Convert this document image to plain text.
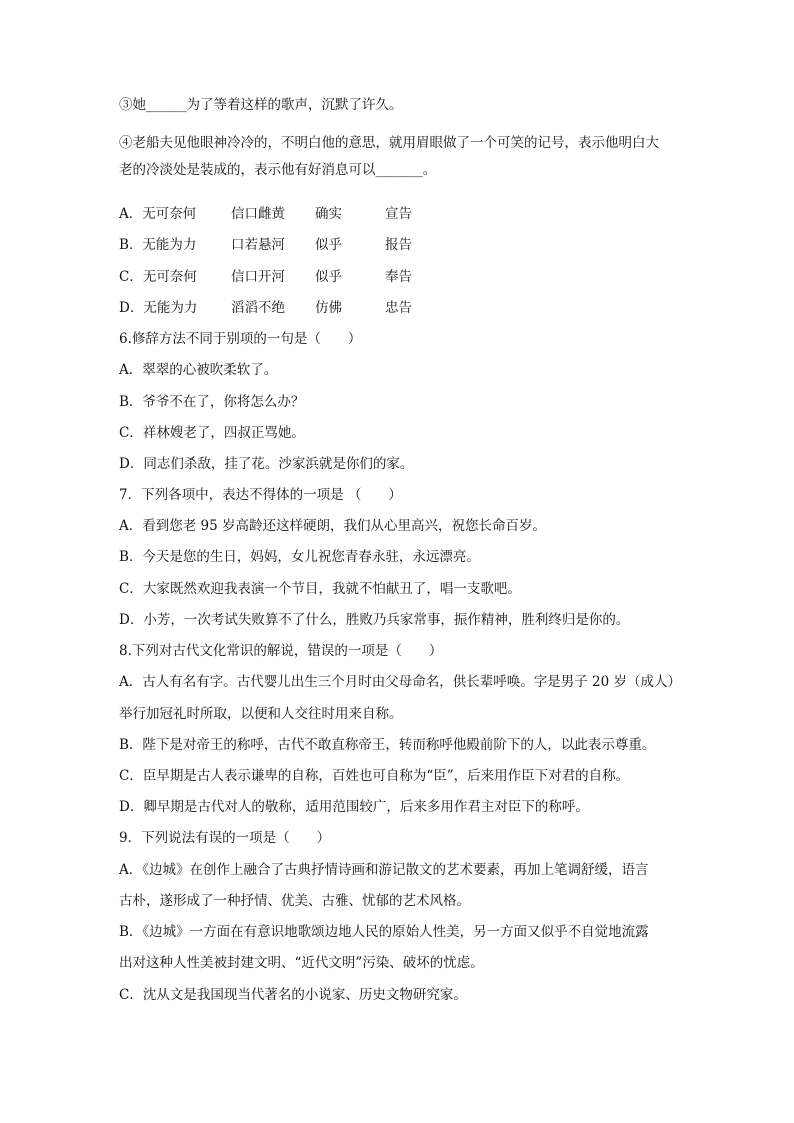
③她______为了等着这样的歌声，沉默了许久。
④老船夫见他眼神冷冷的，不明白他的意思，就用眉眼做了一个可笑的记号，表示他明白大
老的冷淡处是装成的，表示他有好消息可以_______。
A．无可奈何	信口雌黄 确实	宣告
B．无能为力	口若悬河 似乎	报告
C．无可奈何	信口开河 似乎	奉告
D．无能为力 滔滔不绝 仿佛	忠告
6.修辞方法不同于别项的一句是（　　）
A．翠翠的心被吹柔软了。
B．爷爷不在了，你将怎么办？
C．祥林嫂老了，四叔正骂她。
D．同志们杀敌，挂了花。沙家浜就是你们的家。
7．下列各项中，表达不得体的一项是 （　　）
A．看到您老 95 岁高龄还这样硬朗，我们从心里高兴，祝您长命百岁。
B．今天是您的生日，妈妈，女儿祝您青春永驻，永远漂亮。
C．大家既然欢迎我表演一个节目，我就不怕献丑了，唱一支歌吧。
D．小芳，一次考试失败算不了什么，胜败乃兵家常事，振作精神，胜利终归是你的。
8.下列对古代文化常识的解说，错误的一项是（　　）
A．古人有名有字。古代婴儿出生三个月时由父母命名，供长辈呼唤。字是男子 20 岁（成人）
举行加冠礼时所取，以便和人交往时用来自称。
B．陛下是对帝王的称呼，古代不敢直称帝王，转而称呼他殿前阶下的人，以此表示尊重。
C．臣早期是古人表示谦卑的自称，百姓也可自称为“臣”，后来用作臣下对君的自称。
D．卿早期是古代对人的敬称，适用范围较广，后来多用作君主对臣下的称呼。
9．下列说法有误的一项是（　　）
A．《边城》在创作上融合了古典抒情诗画和游记散文的艺术要素，再加上笔调舒缓，语言
古朴，遂形成了一种抒情、优美、古雅、忧郁的艺术风格。
B．《边城》一方面在有意识地歌颂边地人民的原始人性美，另一方面又似乎不自觉地流露
出对这种人性美被封建文明、“近代文明”污染、破坏的忧虑。
C．沈从文是我国现当代著名的小说家、历史文物研究家。
